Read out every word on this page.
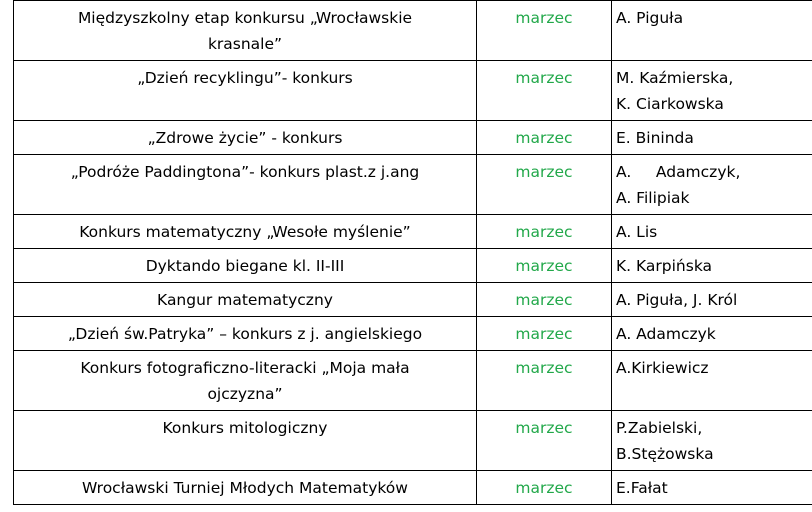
Międzyszkolny etap konkursu „Wrocławskie
krasnale”	marzec	A. Piguła

„Dzień recyklingu”- konkurs	marzec	M. Kaźmierska,
K. Ciarkowska

„Zdrowe życie” - konkurs	marzec	E. Bininda

„Podróże Paddingtona”- konkurs plast.z j.ang	marzec	A.     Adamczyk,
A. Filipiak

Konkurs matematyczny „Wesołe myślenie”	marzec	A. Lis

Dyktando biegane kl. II-III	marzec	K. Karpińska

Kangur matematyczny	marzec	A. Piguła, J. Król

„Dzień św.Patryka” – konkurs z j. angielskiego	marzec	A. Adamczyk

Konkurs fotograficzno-literacki „Moja mała
ojczyzna”	marzec	A.Kirkiewicz

Konkurs mitologiczny	marzec	P.Zabielski,
B.Stężowska

Wrocławski Turniej Młodych Matematyków	marzec	E.Fałat
